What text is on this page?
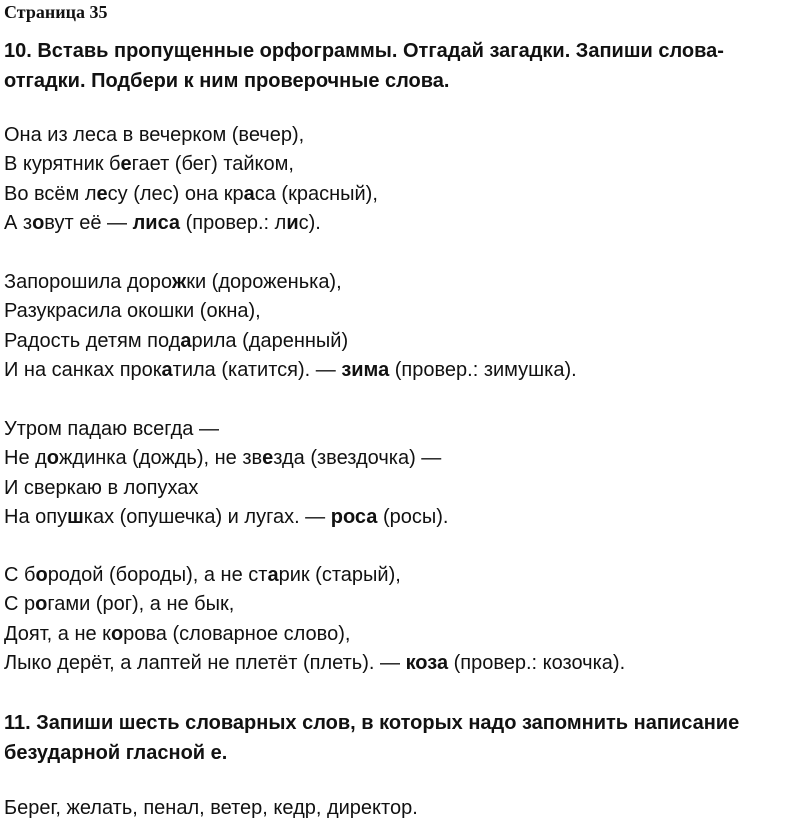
Страница 35
10. Вставь пропущенные орфограммы. Отгадай загадки. Запиши слова-
отгадки. Подбери к ним проверочные слова.
Она из леса в вечерком (вечер),
В курятник бегает (бег) тайком,
Во всём лесу (лес) она краса (красный),
А зовут её — лиса (провер.: лис).
Запорошила дорожки (дороженька),
Разукрасила окошки (окна),
Радость детям подарила (даренный)
И на санках прокатила (катится). — зима (провер.: зимушка).
Утром падаю всегда —
Не дождинка (дождь), не звезда (звездочка) —
И сверкаю в лопухах
На опушках (опушечка) и лугах. — роса (росы).
С бородой (бороды), а не старик (старый),
С рогами (рог), а не бык,
Доят, а не корова (словарное слово),
Лыко дерёт, а лаптей не плетёт (плеть). — коза (провер.: козочка).
11. Запиши шесть словарных слов, в которых надо запомнить написание
безударной гласной е.
Берег, желать, пенал, ветер, кедр, директор.
